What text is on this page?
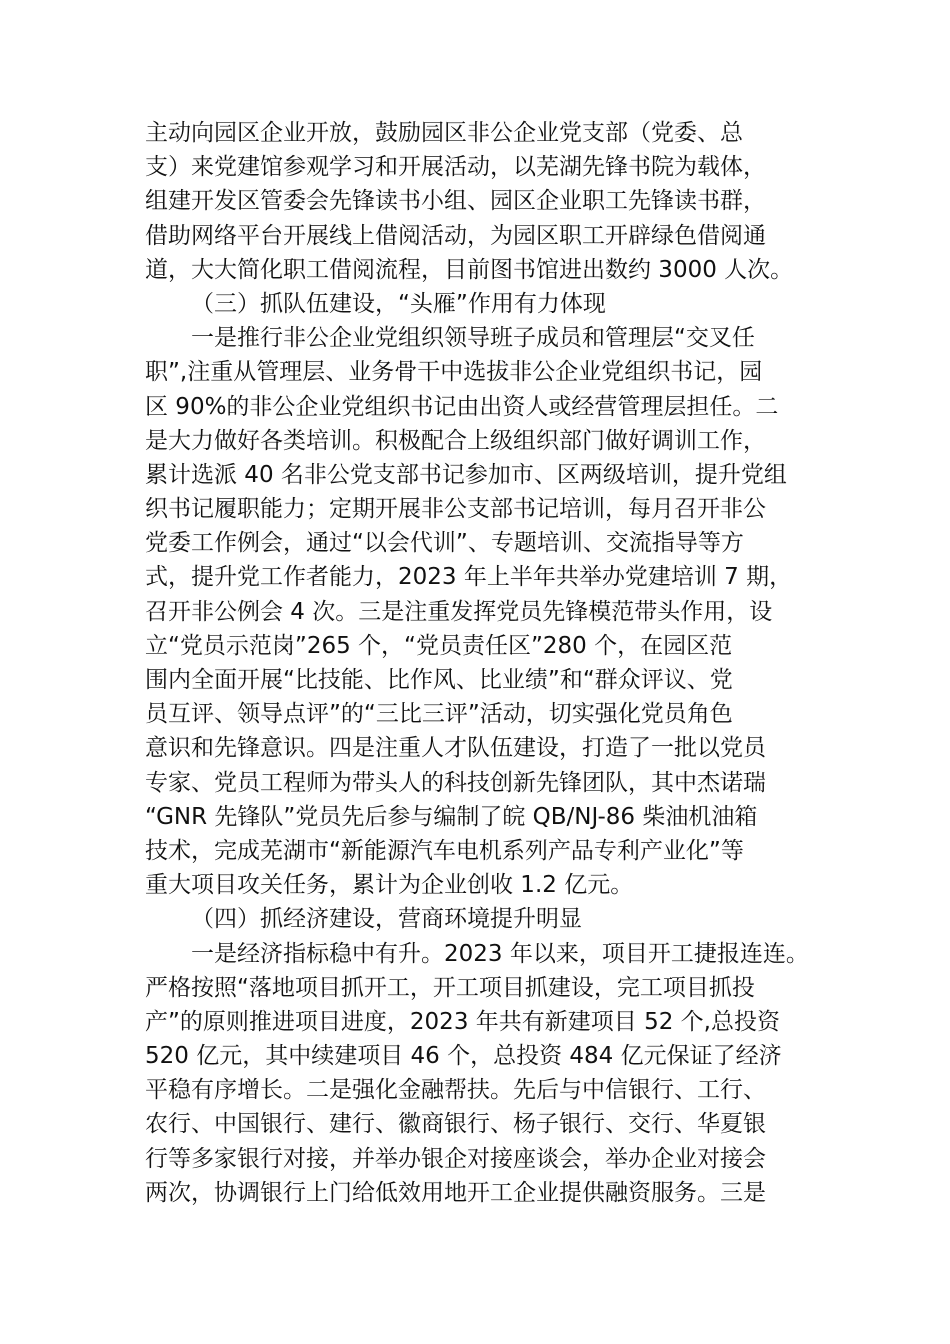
主动向园区企业开放，鼓励园区非公企业党支部（党委、总
支）来党建馆参观学习和开展活动，以芜湖先锋书院为载体，
组建开发区管委会先锋读书小组、园区企业职工先锋读书群，
借助网络平台开展线上借阅活动，为园区职工开辟绿色借阅通
道，大大简化职工借阅流程，目前图书馆进出数约 3000 人次。
（三）抓队伍建设，“头雁”作用有力体现
一是推行非公企业党组织领导班子成员和管理层“交叉任
职”,注重从管理层、业务骨干中选拔非公企业党组织书记，园
区 90%的非公企业党组织书记由出资人或经营管理层担任。二
是大力做好各类培训。积极配合上级组织部门做好调训工作，
累计选派 40 名非公党支部书记参加市、区两级培训，提升党组
织书记履职能力；定期开展非公支部书记培训，每月召开非公
党委工作例会，通过“以会代训”、专题培训、交流指导等方
式，提升党工作者能力，2023 年上半年共举办党建培训 7 期，
召开非公例会 4 次。三是注重发挥党员先锋模范带头作用，设
立“党员示范岗”265 个，“党员责任区”280 个，在园区范
围内全面开展“比技能、比作风、比业绩”和“群众评议、党
员互评、领导点评”的“三比三评”活动，切实强化党员角色
意识和先锋意识。四是注重人才队伍建设，打造了一批以党员
专家、党员工程师为带头人的科技创新先锋团队，其中杰诺瑞
“GNR 先锋队”党员先后参与编制了皖 QB/NJ-86 柴油机油箱
技术，完成芜湖市“新能源汽车电机系列产品专利产业化”等
重大项目攻关任务，累计为企业创收 1.2 亿元。
（四）抓经济建设，营商环境提升明显
一是经济指标稳中有升。2023 年以来，项目开工捷报连连。
严格按照“落地项目抓开工，开工项目抓建设，完工项目抓投
产”的原则推进项目进度，2023 年共有新建项目 52 个,总投资
520 亿元，其中续建项目 46 个，总投资 484 亿元保证了经济
平稳有序增长。二是强化金融帮扶。先后与中信银行、工行、
农行、中国银行、建行、徽商银行、杨子银行、交行、华夏银
行等多家银行对接，并举办银企对接座谈会，举办企业对接会
两次，协调银行上门给低效用地开工企业提供融资服务。三是
